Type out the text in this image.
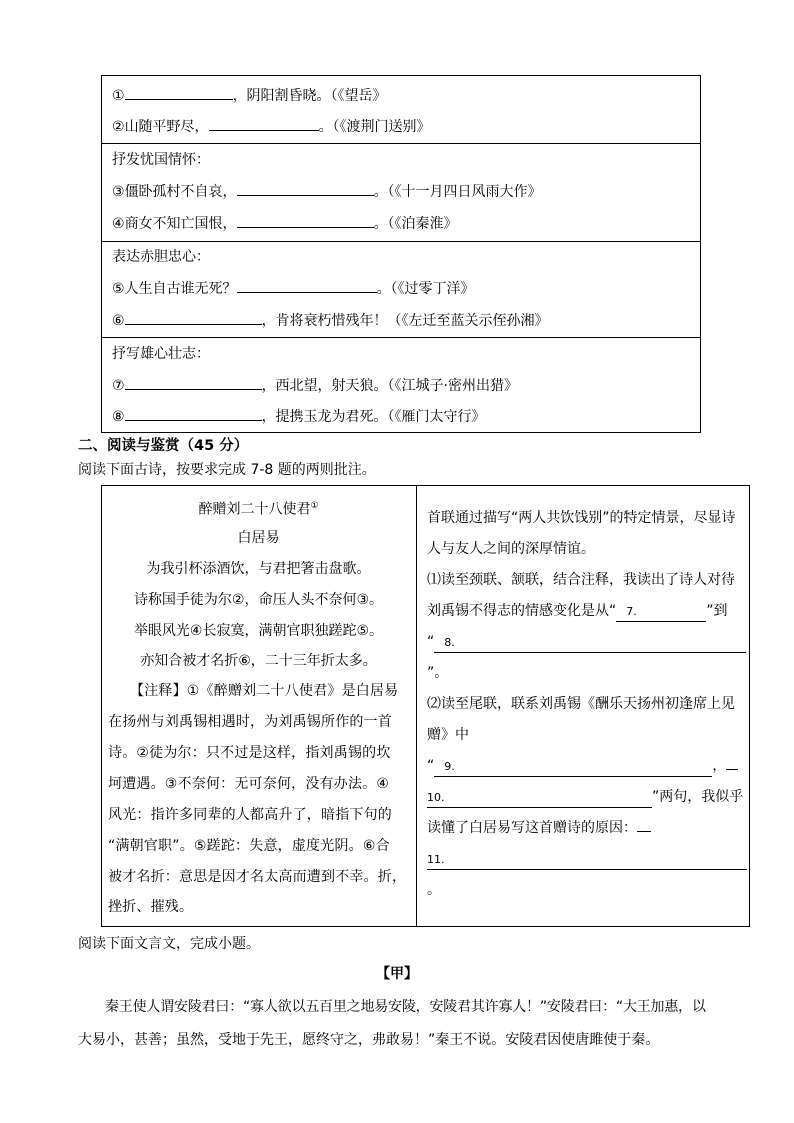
①	，阴阳割昏晓。（《望岳》
②山随平野尽，	。（《渡荆门送别》
抒发忧国情怀：
③僵卧孤村不自哀，	。（《十一月四日风雨大作》
④商女不知亡国恨，	。（《泊秦淮》
表达赤胆忠心：
⑤人生自古谁无死？	。（《过零丁洋》
⑥	，肯将衰朽惜残年！（《左迁至蓝关示侄孙湘》
抒写雄心壮志：
⑦	，西北望，射天狼。（《江城子·密州出猎》
⑧	，提携玉龙为君死。（《雁门太守行》
二、阅读与鉴赏（45 分）
阅读下面古诗，按要求完成 7-8 题的两则批注。
醉赠刘二十八使君①
白居易
为我引杯添酒饮，与君把箸击盘歌。
诗称国手徒为尔②，命压人头不奈何③。
举眼风光④长寂寞，满朝官职独蹉跎⑤。
亦知合被才名折⑥，二十三年折太多。
【注释】①《醉赠刘二十八使君》是白居易
在扬州与刘禹锡相遇时，为刘禹锡所作的一首
诗。②徒为尔：只不过是这样，指刘禹锡的坎
坷遭遇。③不奈何：无可奈何，没有办法。④
风光：指许多同辈的人都高升了，暗指下句的
“满朝官职”。⑤蹉跎：失意，虚度光阴。⑥合
被才名折：意思是因才名太高而遭到不幸。折，
挫折、摧残。
首联通过描写“两人共饮饯别”的特定情景，尽显诗
人与友人之间的深厚情谊。
⑴读至颈联、颔联，结合注释，我读出了诗人对待
刘禹锡不得志的情感变化是从“ 7.	”到
“ 8.
”。
⑵读至尾联，联系刘禹锡《酬乐天扬州初逢席上见
赠》中
“ 9.	，
10.	”两句，我似乎
读懂了白居易写这首赠诗的原因：
11.
。
阅读下面文言文，完成小题。
【甲】
秦王使人谓安陵君曰：“寡人欲以五百里之地易安陵，安陵君其许寡人！”安陵君曰：“大王加惠，以
大易小，甚善；虽然，受地于先王，愿终守之，弗敢易！”秦王不说。安陵君因使唐雎使于秦。
